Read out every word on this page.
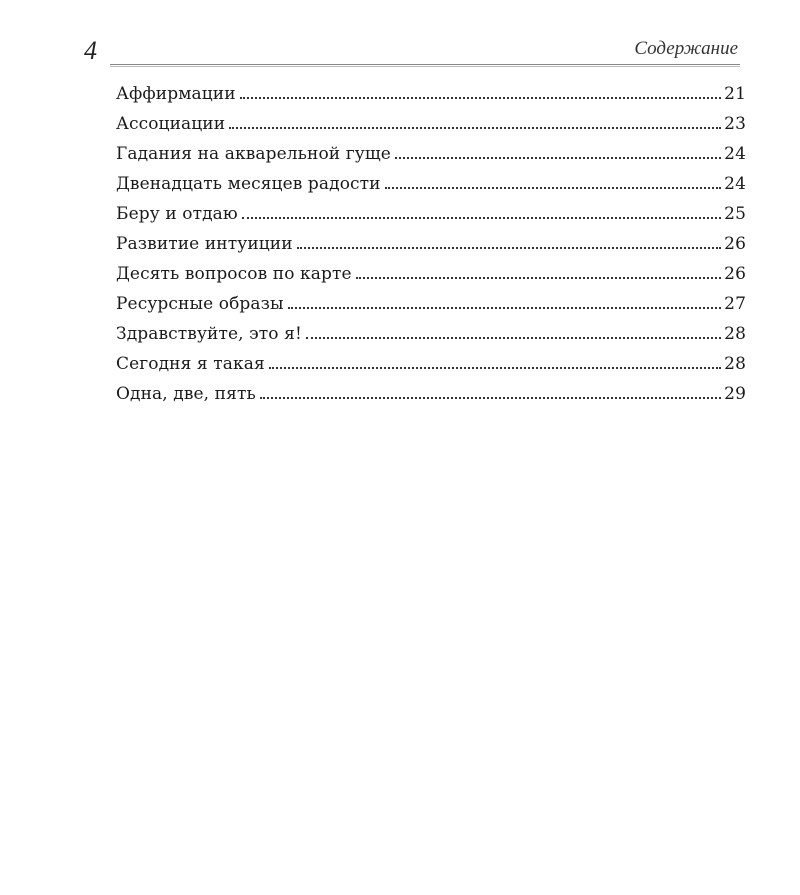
4	Содержание
Аффирмации	21
Ассоциации	23
Гадания на акварельной гуще	24
Двенадцать месяцев радости	24
Беру и отдаю	25
Развитие интуиции	26
Десять вопросов по карте	26
Ресурсные образы	27
Здравствуйте, это я!	28
Сегодня я такая	28
Одна, две, пять	29
